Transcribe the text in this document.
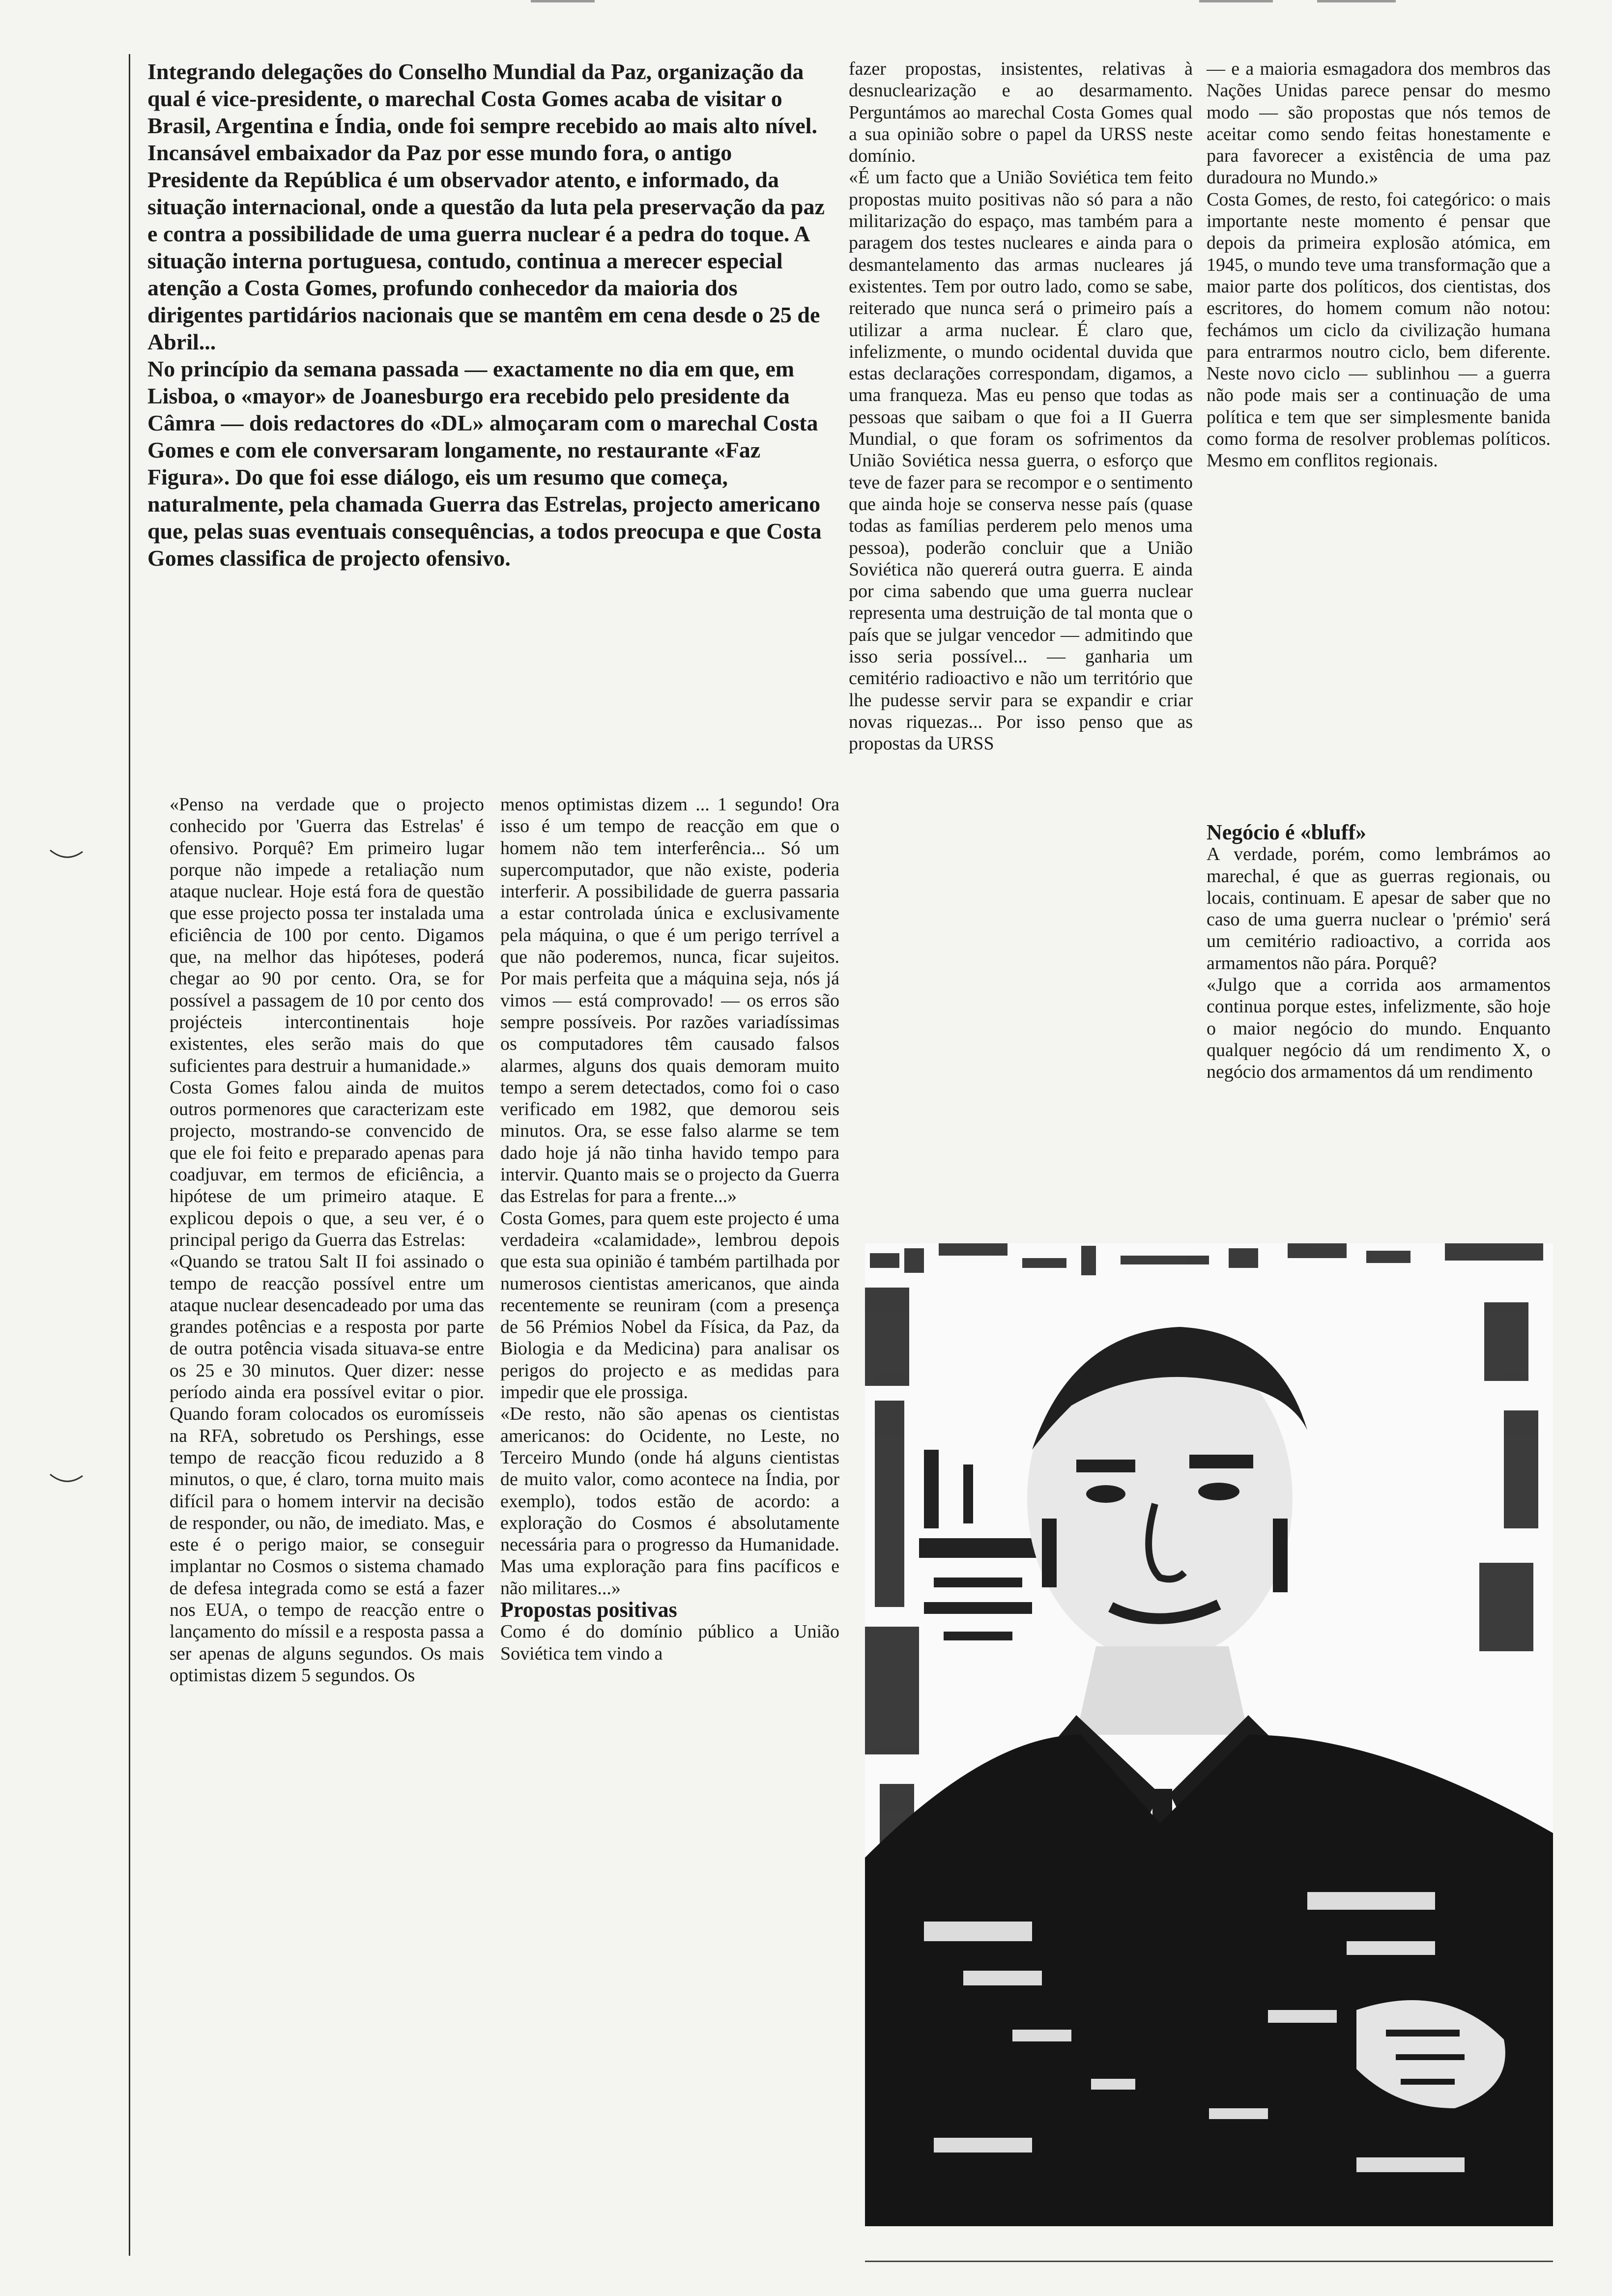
Integrando delegações do Conselho Mundial da Paz, organização da qual é vice-presidente, o marechal Costa Gomes acaba de visitar o Brasil, Argentina e Índia, onde foi sempre recebido ao mais alto nível.

Incansável embaixador da Paz por esse mundo fora, o antigo Presidente da República é um observador atento, e informado, da situação internacional, onde a questão da luta pela preservação da paz e contra a possibilidade de uma guerra nuclear é a pedra do toque. A situação interna portuguesa, contudo, continua a merecer especial atenção a Costa Gomes, profundo conhecedor da maioria dos dirigentes partidários nacionais que se mantêm em cena desde o 25 de Abril...

No princípio da semana passada — exactamente no dia em que, em Lisboa, o «mayor» de Joanesburgo era recebido pelo presidente da Câmra — dois redactores do «DL» almoçaram com o marechal Costa Gomes e com ele conversaram longamente, no restaurante «Faz Figura». Do que foi esse diálogo, eis um resumo que começa, naturalmente, pela chamada Guerra das Estrelas, projecto americano que, pelas suas eventuais consequências, a todos preocupa e que Costa Gomes classifica de projecto ofensivo.

«Penso na verdade que o projecto conhecido por 'Guerra das Estrelas' é ofensivo. Porquê? Em primeiro lugar porque não impede a retaliação num ataque nuclear. Hoje está fora de questão que esse projecto possa ter instalada uma eficiência de 100 por cento. Digamos que, na melhor das hipóteses, poderá chegar ao 90 por cento. Ora, se for possível a passagem de 10 por cento dos projécteis intercontinentais hoje existentes, eles serão mais do que suficientes para destruir a humanidade.»

Costa Gomes falou ainda de muitos outros pormenores que caracterizam este projecto, mostrando-se convencido de que ele foi feito e preparado apenas para coadjuvar, em termos de eficiência, a hipótese de um primeiro ataque. E explicou depois o que, a seu ver, é o principal perigo da Guerra das Estrelas:

«Quando se tratou Salt II foi assinado o tempo de reacção possível entre um ataque nuclear desencadeado por uma das grandes potências e a resposta por parte de outra potência visada situava-se entre os 25 e 30 minutos. Quer dizer: nesse período ainda era possível evitar o pior. Quando foram colocados os euromísseis na RFA, sobretudo os Pershings, esse tempo de reacção ficou reduzido a 8 minutos, o que, é claro, torna muito mais difícil para o homem intervir na decisão de responder, ou não, de imediato. Mas, e este é o perigo maior, se conseguir implantar no Cosmos o sistema chamado de defesa integrada como se está a fazer nos EUA, o tempo de reacção entre o lançamento do míssil e a resposta passa a ser apenas de alguns segundos. Os mais optimistas dizem 5 segundos. Os

menos optimistas dizem ... 1 segundo! Ora isso é um tempo de reacção em que o homem não tem interferência... Só um supercomputador, que não existe, poderia interferir. A possibilidade de guerra passaria a estar controlada única e exclusivamente pela máquina, o que é um perigo terrível a que não poderemos, nunca, ficar sujeitos. Por mais perfeita que a máquina seja, nós já vimos — está comprovado! — os erros são sempre possíveis. Por razões variadíssimas os computadores têm causado falsos alarmes, alguns dos quais demoram muito tempo a serem detectados, como foi o caso verificado em 1982, que demorou seis minutos. Ora, se esse falso alarme se tem dado hoje já não tinha havido tempo para intervir. Quanto mais se o projecto da Guerra das Estrelas for para a frente...»

Costa Gomes, para quem este projecto é uma verdadeira «calamidade», lembrou depois que esta sua opinião é também partilhada por numerosos cientistas americanos, que ainda recentemente se reuniram (com a presença de 56 Prémios Nobel da Física, da Paz, da Biologia e da Medicina) para analisar os perigos do projecto e as medidas para impedir que ele prossiga.

«De resto, não são apenas os cientistas americanos: do Ocidente, no Leste, no Terceiro Mundo (onde há alguns cientistas de muito valor, como acontece na Índia, por exemplo), todos estão de acordo: a exploração do Cosmos é absolutamente necessária para o progresso da Humanidade. Mas uma exploração para fins pacíficos e não militares...»

Propostas positivas

Como é do domínio público a União Soviética tem vindo a

fazer propostas, insistentes, relativas à desnuclearização e ao desarmamento. Perguntámos ao marechal Costa Gomes qual a sua opinião sobre o papel da URSS neste domínio.

«É um facto que a União Soviética tem feito propostas muito positivas não só para a não militarização do espaço, mas também para a paragem dos testes nucleares e ainda para o desmantelamento das armas nucleares já existentes. Tem por outro lado, como se sabe, reiterado que nunca será o primeiro país a utilizar a arma nuclear. É claro que, infelizmente, o mundo ocidental duvida que estas declarações correspondam, digamos, a uma franqueza. Mas eu penso que todas as pessoas que saibam o que foi a II Guerra Mundial, o que foram os sofrimentos da União Soviética nessa guerra, o esforço que teve de fazer para se recompor e o sentimento que ainda hoje se conserva nesse país (quase todas as famílias perderem pelo menos uma pessoa), poderão concluir que a União Soviética não quererá outra guerra. E ainda por cima sabendo que uma guerra nuclear representa uma destruição de tal monta que o país que se julgar vencedor — admitindo que isso seria possível... — ganharia um cemitério radioactivo e não um território que lhe pudesse servir para se expandir e criar novas riquezas... Por isso penso que as propostas da URSS

— e a maioria esmagadora dos membros das Nações Unidas parece pensar do mesmo modo — são propostas que nós temos de aceitar como sendo feitas honestamente e para favorecer a existência de uma paz duradoura no Mundo.»

Costa Gomes, de resto, foi categórico: o mais importante neste momento é pensar que depois da primeira explosão atómica, em 1945, o mundo teve uma transformação que a maior parte dos políticos, dos cientistas, dos escritores, do homem comum não notou: fechámos um ciclo da civilização humana para entrarmos noutro ciclo, bem diferente. Neste novo ciclo — sublinhou — a guerra não pode mais ser a continuação de uma política e tem que ser simplesmente banida como forma de resolver problemas políticos. Mesmo em conflitos regionais.

Negócio é «bluff»

A verdade, porém, como lembrámos ao marechal, é que as guerras regionais, ou locais, continuam. E apesar de saber que no caso de uma guerra nuclear o 'prémio' será um cemitério radioactivo, a corrida aos armamentos não pára. Porquê?

«Julgo que a corrida aos armamentos continua porque estes, infelizmente, são hoje o maior negócio do mundo. Enquanto qualquer negócio dá um rendimento X, o negócio dos armamentos dá um rendimento
